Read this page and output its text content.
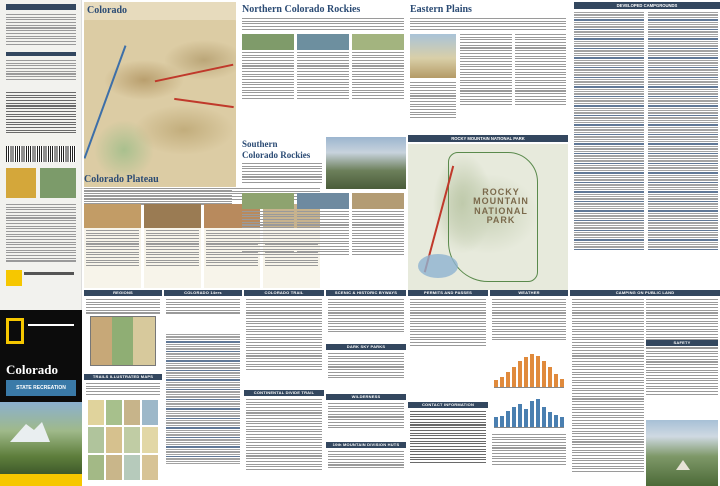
Colorado
STATE RECREATION
Colorado
Colorado Plateau
Northern Colorado Rockies
Southern
Colorado Rockies
Eastern Plains
ROCKY MOUNTAIN NATIONAL PARK
ROCKY
MOUNTAIN
NATIONAL
PARK
DEVELOPED CAMPGROUNDS
REGIONS
TRAILS ILLUSTRATED MAPS
COLORADO 14ers	COLORADO TRAIL
CONTINENTAL DIVIDE TRAIL
SCENIC & HISTORIC BYWAYS
DARK SKY PARKS
WILDERNESS
10th MOUNTAIN DIVISION HUTS
PERMITS AND PASSES
CONTACT INFORMATION
WEATHER	CAMPING ON PUBLIC LAND
SAFETY
